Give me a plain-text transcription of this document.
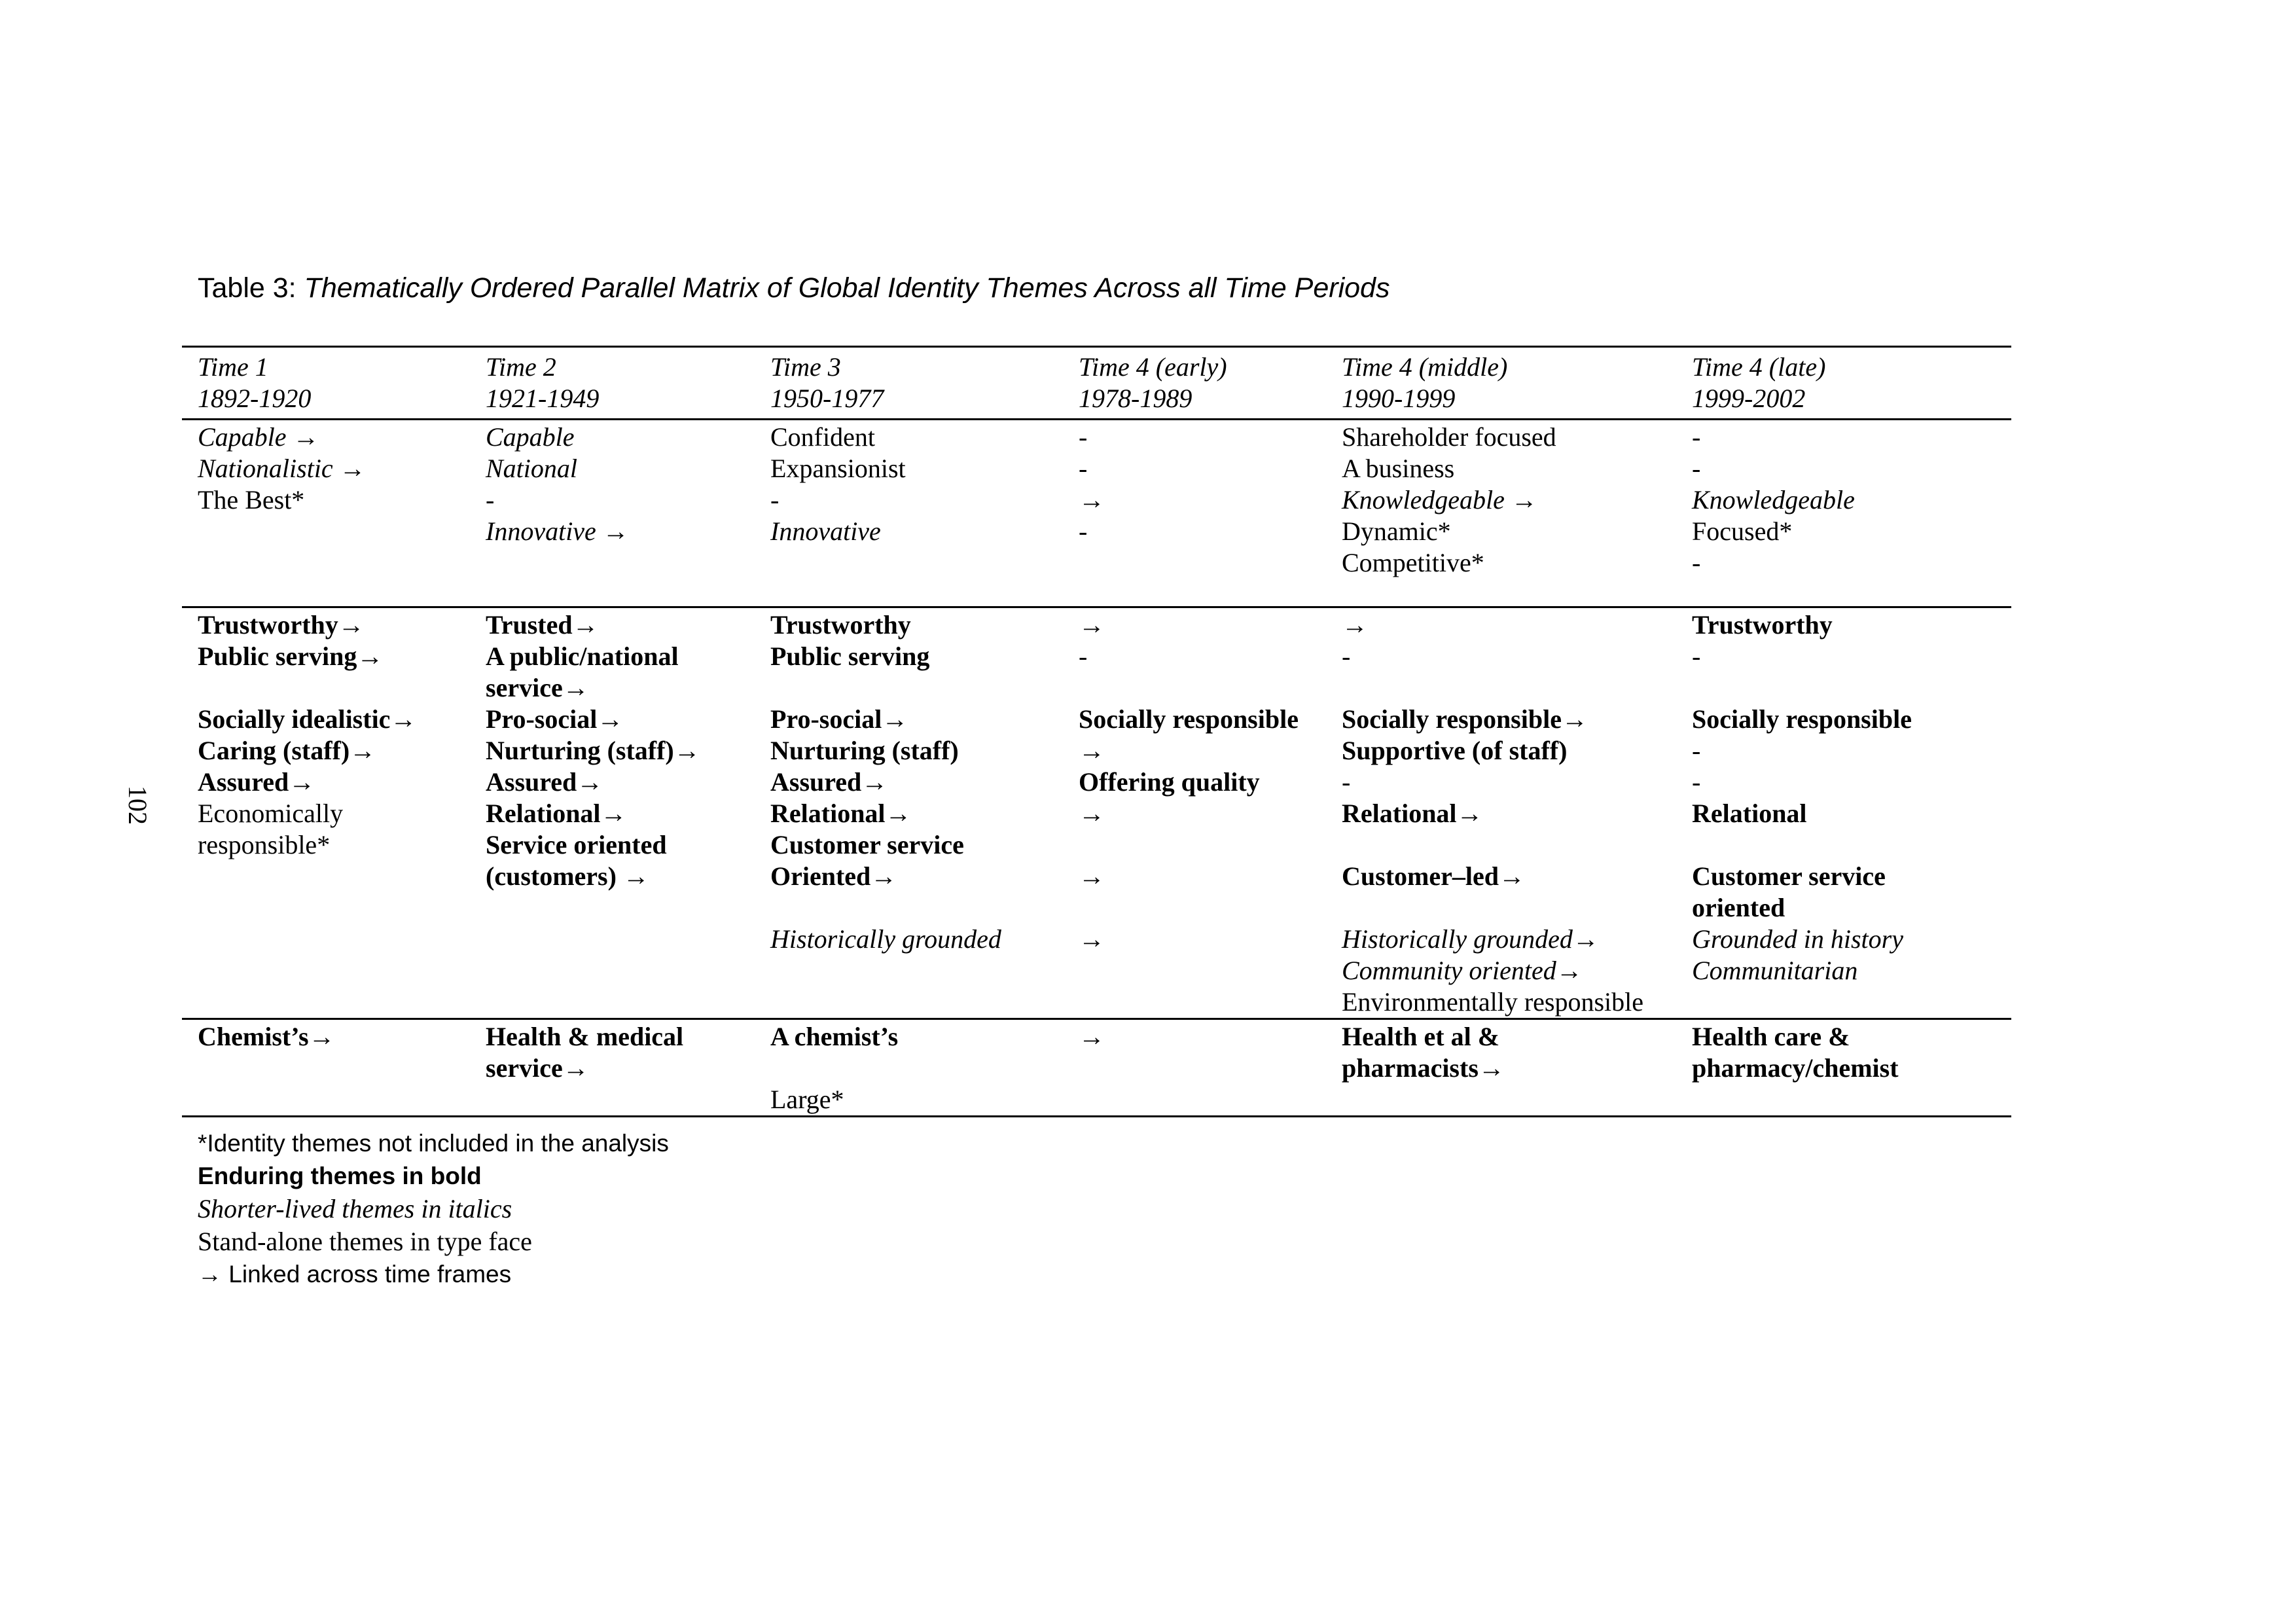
102
Table 3: Thematically Ordered Parallel Matrix of Global Identity Themes Across all Time Periods
Time 1
1892-1920
Time 2
1921-1949
Time 3
1950-1977
Time 4 (early)
1978-1989
Time 4 (middle)
1990-1999
Time 4 (late)
1999-2002
Capable →
Nationalistic →
The Best*
Capable
National
-
Innovative →
Confident
Expansionist
-
Innovative
-
-
→
-
Shareholder focused
A business
Knowledgeable →
Dynamic*
Competitive*
-
-
Knowledgeable
Focused*
-
Trustworthy→
Public serving→
Socially idealistic→
Caring (staff)→
Assured→
Economically
responsible*
Trusted→
A public/national
service→
Pro-social→
Nurturing (staff)→
Assured→
Relational→
Service oriented
(customers) →
Trustworthy
Public serving
Pro-social→
Nurturing (staff)
Assured→
Relational→
Customer service
Oriented→
Historically grounded
→
-
Socially responsible
→
Offering quality
→
→
→
→
-
Socially responsible→
Supportive (of staff)
-
Relational→
Customer–led→
Historically grounded→
Community oriented→
Environmentally responsible
Trustworthy
-
Socially responsible
-
-
Relational
Customer service
oriented
Grounded in history
Communitarian
Chemist’s→	Health & medical
service→
A chemist’s
Large*
→	Health et al &
pharmacists→
Health care &
pharmacy/chemist
*Identity themes not included in the analysis
Enduring themes in bold
Shorter-lived themes in italics
Stand-alone themes in type face
→ Linked across time frames
